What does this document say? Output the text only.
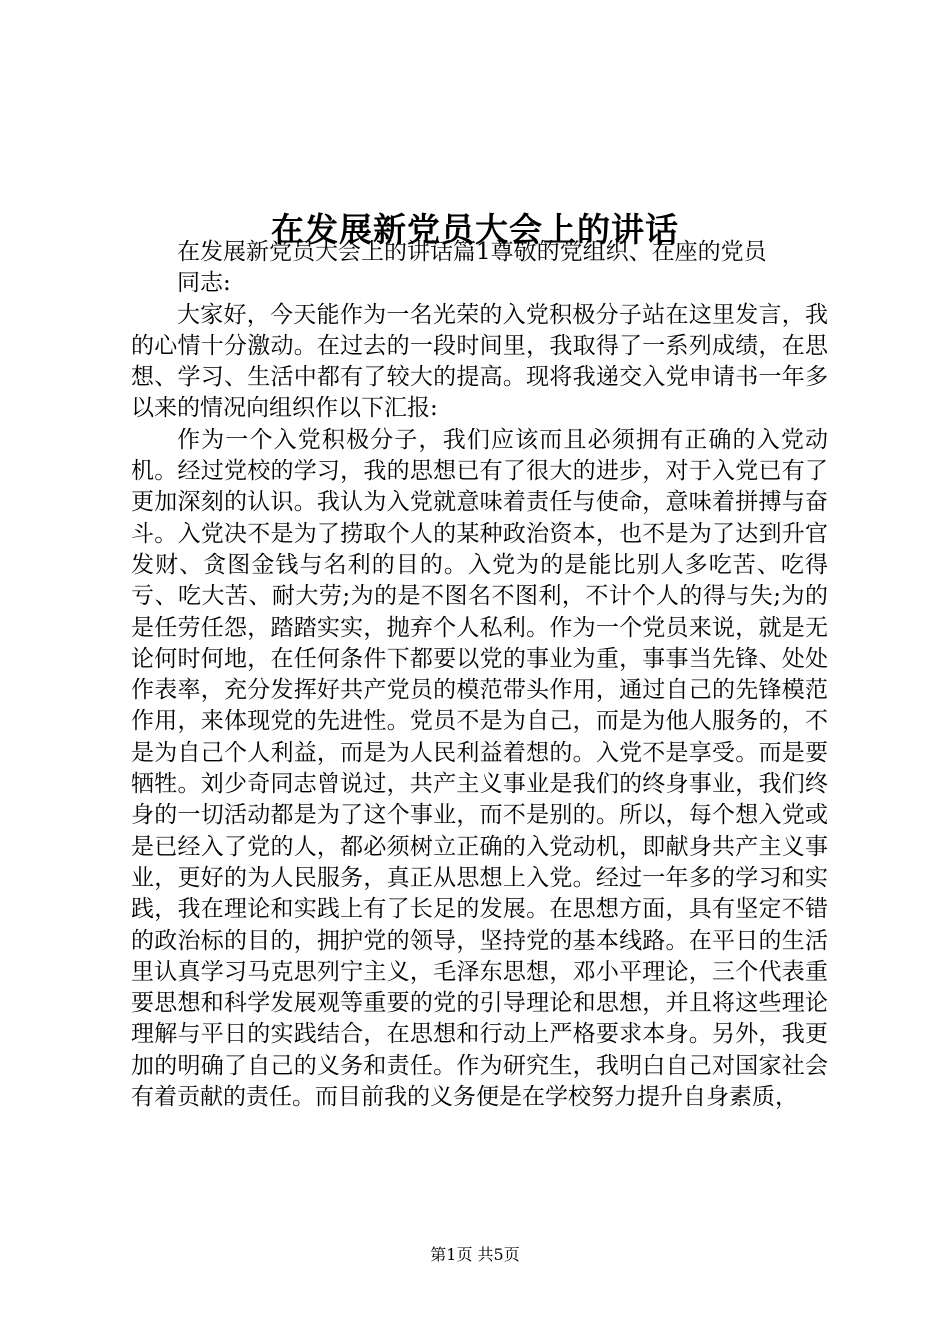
在发展新党员大会上的讲话

在发展新党员大会上的讲话篇1尊敬的党组织、在座的党员

同志:

大家好，今天能作为一名光荣的入党积极分子站在这里发言，我的心情十分激动。在过去的一段时间里，我取得了一系列成绩，在思想、学习、生活中都有了较大的提高。现将我递交入党申请书一年多以来的情况向组织作以下汇报:

作为一个入党积极分子，我们应该而且必须拥有正确的入党动机。经过党校的学习，我的思想已有了很大的进步，对于入党已有了更加深刻的认识。我认为入党就意味着责任与使命，意味着拼搏与奋斗。入党决不是为了捞取个人的某种政治资本，也不是为了达到升官发财、贪图金钱与名利的目的。入党为的是能比别人多吃苦、吃得亏、吃大苦、耐大劳;为的是不图名不图利，不计个人的得与失;为的是任劳任怨，踏踏实实，抛弃个人私利。作为一个党员来说，就是无论何时何地，在任何条件下都要以党的事业为重，事事当先锋、处处作表率，充分发挥好共产党员的模范带头作用，通过自己的先锋模范作用，来体现党的先进性。党员不是为自己，而是为他人服务的，不是为自己个人利益，而是为人民利益着想的。入党不是享受。而是要牺牲。刘少奇同志曾说过，共产主义事业是我们的终身事业，我们终身的一切活动都是为了这个事业，而不是别的。所以，每个想入党或是已经入了党的人，都必须树立正确的入党动机，即献身共产主义事业，更好的为人民服务，真正从思想上入党。经过一年多的学习和实践，我在理论和实践上有了长足的发展。在思想方面，具有坚定不错的政治标的目的，拥护党的领导，坚持党的基本线路。在平日的生活里认真学习马克思列宁主义，毛泽东思想，邓小平理论，三个代表重要思想和科学发展观等重要的党的引导理论和思想，并且将这些理论理解与平日的实践结合，在思想和行动上严格要求本身。另外，我更加的明确了自己的义务和责任。作为研究生，我明白自己对国家社会有着贡献的责任。而目前我的义务便是在学校努力提升自身素质，

第1页 共5页
